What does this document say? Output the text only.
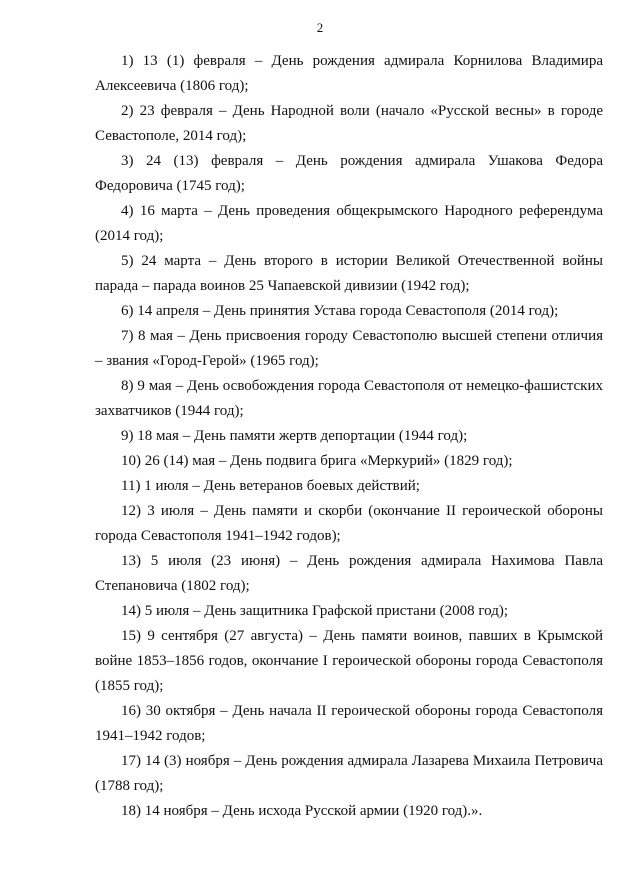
2

1) 13 (1) февраля – День рождения адмирала Корнилова Владимира Алексеевича (1806 год);

2) 23 февраля – День Народной воли (начало «Русской весны» в городе Севастополе, 2014 год);

3) 24 (13) февраля – День рождения адмирала Ушакова Федора Федоровича (1745 год);

4) 16 марта – День проведения общекрымского Народного референдума (2014 год);

5) 24 марта – День второго в истории Великой Отечественной войны парада – парада воинов 25 Чапаевской дивизии (1942 год);

6) 14 апреля – День принятия Устава города Севастополя (2014 год);

7) 8 мая – День присвоения городу Севастополю высшей степени отличия – звания «Город-Герой» (1965 год);

8) 9 мая – День освобождения города Севастополя от немецко-фашистских захватчиков (1944 год);

9) 18 мая – День памяти жертв депортации (1944 год);

10) 26 (14) мая – День подвига брига «Меркурий» (1829 год);

11) 1 июля – День ветеранов боевых действий;

12) 3 июля – День памяти и скорби (окончание II героической обороны города Севастополя 1941–1942 годов);

13) 5 июля (23 июня) – День рождения адмирала Нахимова Павла Степановича (1802 год);

14) 5 июля – День защитника Графской пристани (2008 год);

15) 9 сентября (27 августа) – День памяти воинов, павших в Крымской войне 1853–1856 годов, окончание I героической обороны города Севастополя (1855 год);

16) 30 октября – День начала II героической обороны города Севастополя 1941–1942 годов;

17) 14 (3) ноября – День рождения адмирала Лазарева Михаила Петровича (1788 год);

18) 14 ноября – День исхода Русской армии (1920 год).».
